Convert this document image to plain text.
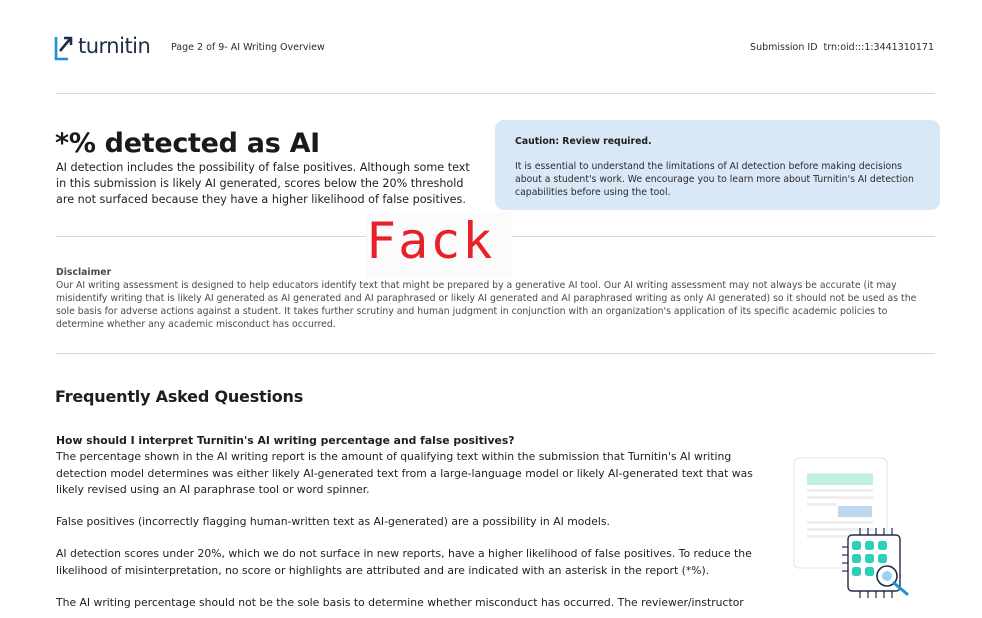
turnitin Page 2 of 9- AI Writing Overview	Submission ID trn:oid:::1:3441310171
*% detected as AI

AI detection includes the possibility of false positives. Although some text in this submission is likely AI generated, scores below the 20% threshold are not surfaced because they have a higher likelihood of false positives.

Caution: Review required.

It is essential to understand the limitations of AI detection before making decisions about a student's work. We encourage you to learn more about Turnitin's AI detection capabilities before using the tool.

Fack

Disclaimer

Our AI writing assessment is designed to help educators identify text that might be prepared by a generative AI tool. Our AI writing assessment may not always be accurate (it may misidentify writing that is likely AI generated as AI generated and AI paraphrased or likely AI generated and AI paraphrased writing as only AI generated) so it should not be used as the sole basis for adverse actions against a student. It takes further scrutiny and human judgment in conjunction with an organization's application of its specific academic policies to determine whether any academic misconduct has occurred.

Frequently Asked Questions

How should I interpret Turnitin's AI writing percentage and false positives?

The percentage shown in the AI writing report is the amount of qualifying text within the submission that Turnitin's AI writing detection model determines was either likely AI-generated text from a large-language model or likely AI-generated text that was likely revised using an AI paraphrase tool or word spinner.

False positives (incorrectly flagging human-written text as AI-generated) are a possibility in AI models.

AI detection scores under 20%, which we do not surface in new reports, have a higher likelihood of false positives. To reduce the likelihood of misinterpretation, no score or highlights are attributed and are indicated with an asterisk in the report (*%).

The AI writing percentage should not be the sole basis to determine whether misconduct has occurred. The reviewer/instructor
